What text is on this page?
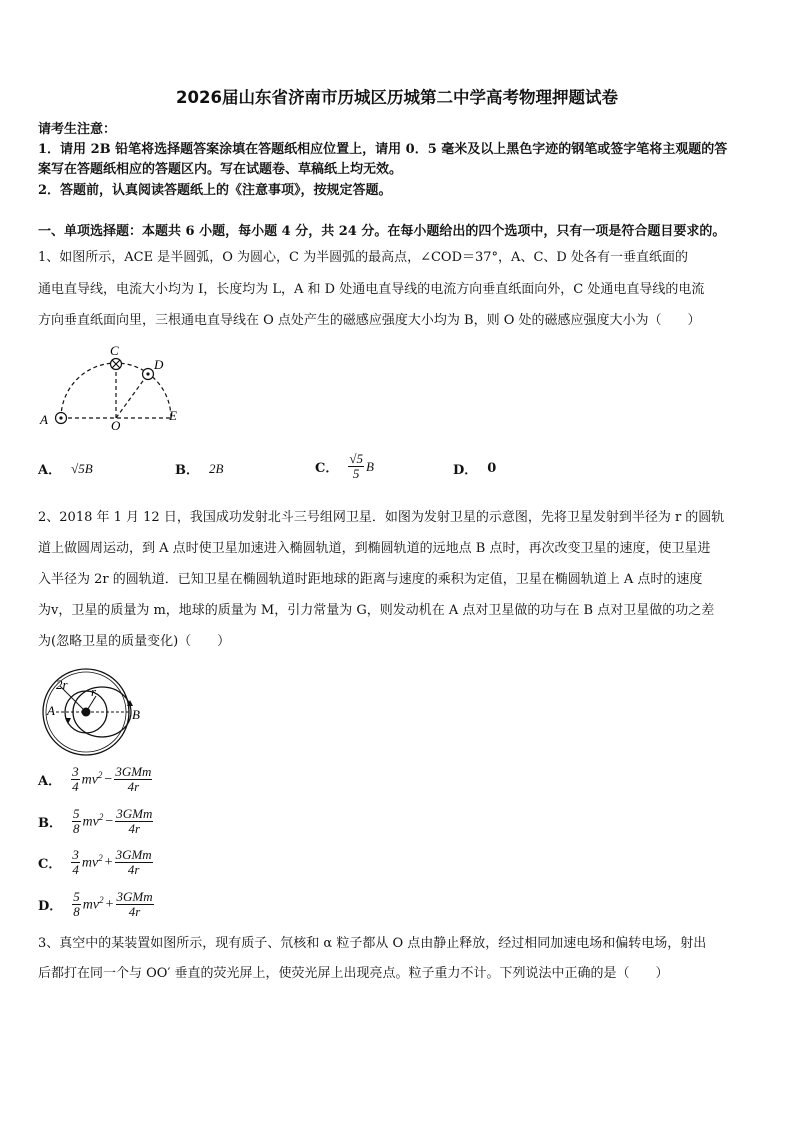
2026届山东省济南市历城区历城第二中学高考物理押题试卷
请考生注意：
1．请用 2B 铅笔将选择题答案涂填在答题纸相应位置上，请用 0．5 毫米及以上黑色字迹的钢笔或签字笔将主观题的答
案写在答题纸相应的答题区内。写在试题卷、草稿纸上均无效。
2．答题前，认真阅读答题纸上的《注意事项》，按规定答题。
一、单项选择题：本题共 6 小题，每小题 4 分，共 24 分。在每小题给出的四个选项中，只有一项是符合题目要求的。
1、如图所示，ACE 是半圆弧，O 为圆心，C 为半圆弧的最高点，∠COD＝37°，A、C、D 处各有一垂直纸面的
通电直导线，电流大小均为 I，长度均为 L，A 和 D 处通电直导线的电流方向垂直纸面向外，C 处通电直导线的电流
方向垂直纸面向里，三根通电直导线在 O 点处产生的磁感应强度大小均为 B，则 O 处的磁感应强度大小为（　　）
C
D
A	O
E
A． √5 B	B． 2B	C． $\frac{√5}{5}$ B	D． 0
2、2018 年 1 月 12 日，我国成功发射北斗三号组网卫星．如图为发射卫星的示意图，先将卫星发射到半径为 r 的圆轨
道上做圆周运动，到 A 点时使卫星加速进入椭圆轨道，到椭圆轨道的远地点 B 点时，再次改变卫星的速度，使卫星进
入半径为 2r 的圆轨道．已知卫星在椭圆轨道时距地球的距离与速度的乘积为定值，卫星在椭圆轨道上 A 点时的速度
为v，卫星的质量为 m，地球的质量为 M，引力常量为 G，则发动机在 A 点对卫星做的功与在 B 点对卫星做的功之差
为(忽略卫星的质量变化)（　　）
2r r
A	B
A． $\frac{3}{4} mv^2 - \frac{\text{3GMm}}{4r}$
B． $\frac{5}{8} mv^2 - \frac{\text{3GMm}}{4r}$
C． $\frac{3}{4} mv^2 + \frac{\text{3GMm}}{4r}$
D． $\frac{5}{8} mv^2 + \frac{\text{3GMm}}{4r}$
3、真空中的某装置如图所示，现有质子、氘核和 α 粒子都从 O 点由静止释放，经过相同加速电场和偏转电场，射出
后都打在同一个与 OO′ 垂直的荧光屏上，使荧光屏上出现亮点。粒子重力不计。下列说法中正确的是（　　）
